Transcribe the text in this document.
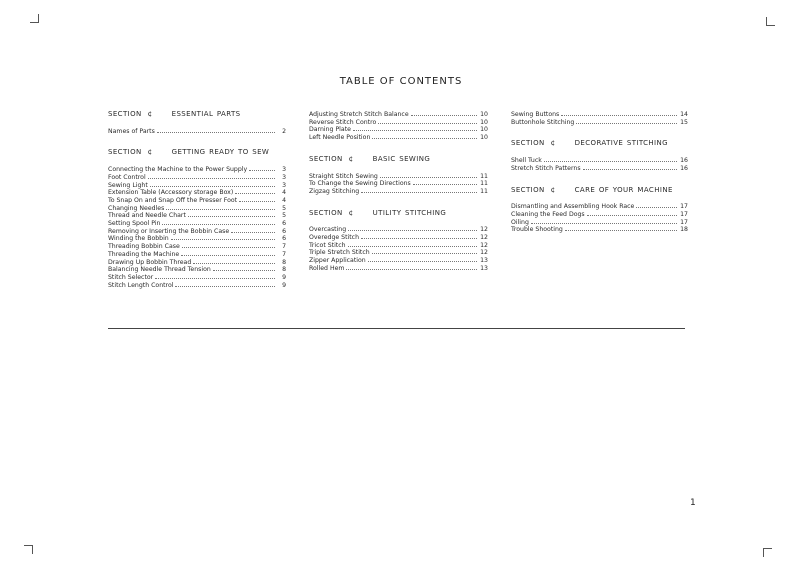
TABLE OF CONTENTS
SECTION ¢	ESSENTIAL PARTS
Names of Parts	2
SECTION ¢	GETTING READY TO SEW
Connecting the Machine to the Power Supply	3
Foot Control	3
Sewing Light	3
Extension Table (Accessory storage Box)	4
To Snap On and Snap Off the Presser Foot	4
Changing Needles	5
Thread and Needle Chart	5
Setting Spool Pin	6
Removing or Inserting the Bobbin Case	6
Winding the Bobbin	6
Threading Bobbin Case	7
Threading the Machine	7
Drawing Up Bobbin Thread	8
Balancing Needle Thread Tension	8
Stitch Selector	9
Stitch Length Control	9
Adjusting Stretch Stitch Balance	10
Reverse Stitch Contro	10
Darning Plate	10
Left Needle Position	10
SECTION ¢	BASIC SEWING
Straight Stitch Sewing	11
To Change the Sewing Directions	11
Zigzag Stitching	11
SECTION ¢	UTILITY STITCHING
Overcasting	12
Overedge Stitch	12
Tricot Stitch	12
Triple Stretch Stitch	12
Zipper Application	13
Rolled Hem	13
Sewing Buttons	14
Buttonhole Stitching	15
SECTION ¢	DECORATIVE STITCHING
Shell Tuck	16
Stretch Stitch Patterns	16
SECTION ¢	CARE OF YOUR MACHINE
Dismantling and Assembling Hook Race	17
Cleaning the Feed Dogs	17
Oiling	17
Trouble Shooting	18
1
